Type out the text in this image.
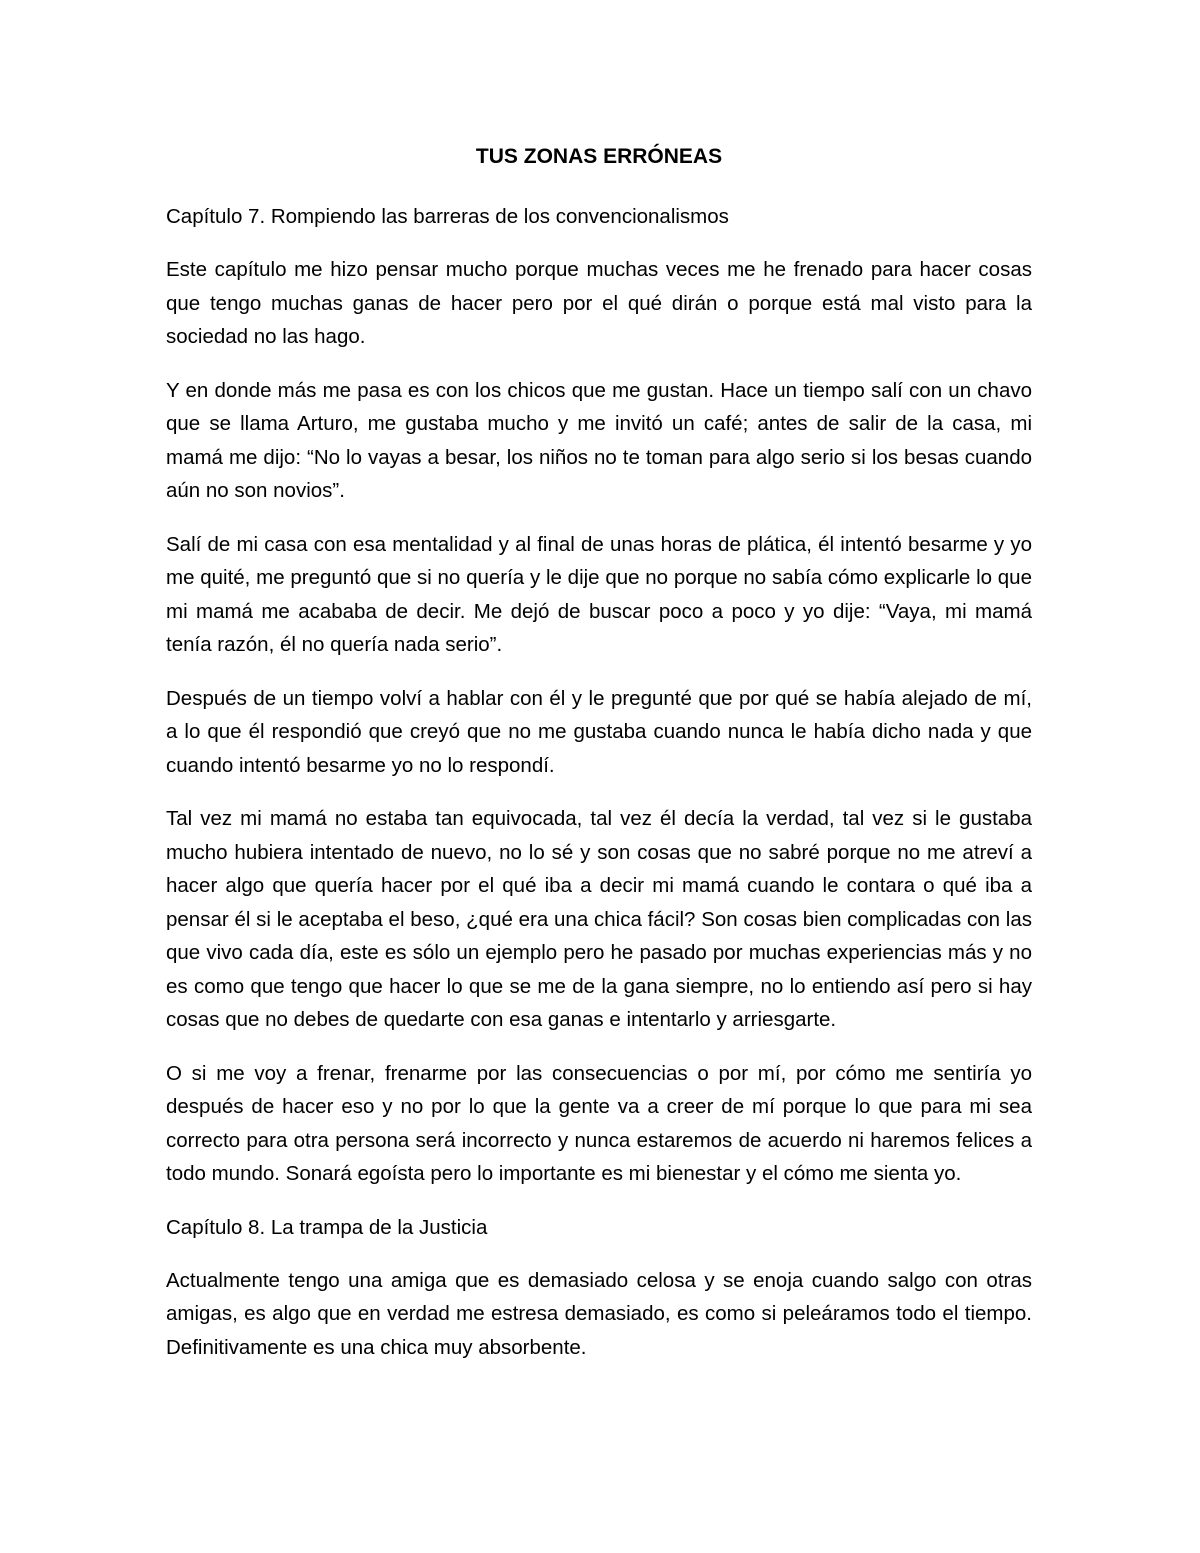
TUS ZONAS ERRÓNEAS

Capítulo 7. Rompiendo las barreras de los convencionalismos

Este capítulo me hizo pensar mucho porque muchas veces me he frenado para hacer cosas que tengo muchas ganas de hacer pero por el qué dirán o porque está mal visto para la sociedad no las hago.

Y en donde más me pasa es con los chicos que me gustan. Hace un tiempo salí con un chavo que se llama Arturo, me gustaba mucho y me invitó un café; antes de salir de la casa, mi mamá me dijo: “No lo vayas a besar, los niños no te toman para algo serio si los besas cuando aún no son novios”.

Salí de mi casa con esa mentalidad y al final de unas horas de plática, él intentó besarme y yo me quité, me preguntó que si no quería y le dije que no porque no sabía cómo explicarle lo que mi mamá me acababa de decir. Me dejó de buscar poco a poco y yo dije: “Vaya, mi mamá tenía razón, él no quería nada serio”.

Después de un tiempo volví a hablar con él y le pregunté que por qué se había alejado de mí, a lo que él respondió que creyó que no me gustaba cuando nunca le había dicho nada y que cuando intentó besarme yo no lo respondí.

Tal vez mi mamá no estaba tan equivocada, tal vez él decía la verdad, tal vez si le gustaba mucho hubiera intentado de nuevo, no lo sé y son cosas que no sabré porque no me atreví a hacer algo que quería hacer por el qué iba a decir mi mamá cuando le contara o qué iba a pensar él si le aceptaba el beso, ¿qué era una chica fácil? Son cosas bien complicadas con las que vivo cada día, este es sólo un ejemplo pero he pasado por muchas experiencias más y no es como que tengo que hacer lo que se me de la gana siempre, no lo entiendo así pero si hay cosas que no debes de quedarte con esa ganas e intentarlo y arriesgarte.

O si me voy a frenar, frenarme por las consecuencias o por mí, por cómo me sentiría yo después de hacer eso y no por lo que la gente va a creer de mí porque lo que para mi sea correcto para otra persona será incorrecto y nunca estaremos de acuerdo ni haremos felices a todo mundo. Sonará egoísta pero lo importante es mi bienestar y el cómo me sienta yo.

Capítulo 8. La trampa de la Justicia

Actualmente tengo una amiga que es demasiado celosa y se enoja cuando salgo con otras amigas, es algo que en verdad me estresa demasiado, es como si peleáramos todo el tiempo. Definitivamente es una chica muy absorbente.
